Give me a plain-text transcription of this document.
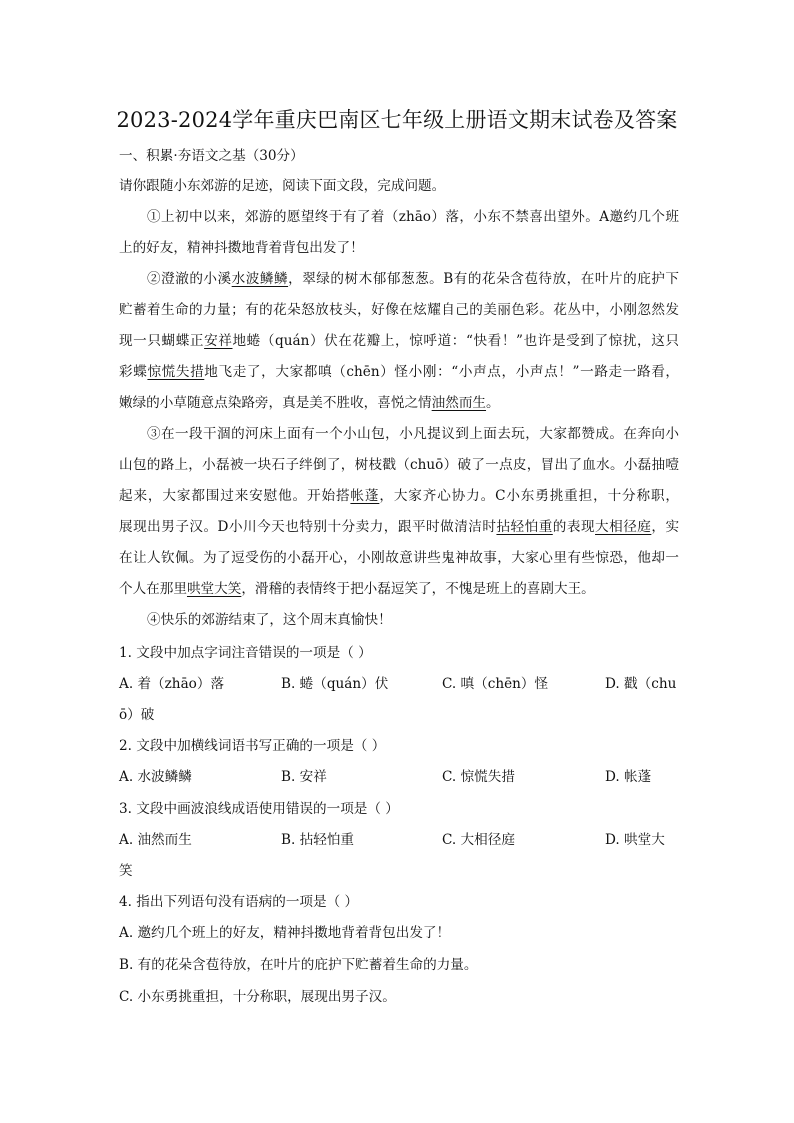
2023-2024学年重庆巴南区七年级上册语文期末试卷及答案
一、积累·夯语文之基（30分）
请你跟随小东郊游的足迹，阅读下面文段，完成问题。
①上初中以来，郊游的愿望终于有了着（zhāo）落，小东不禁喜出望外。A邀约几个班
上的好友，精神抖擞地背着背包出发了！
②澄澈的小溪水波鳞鳞，翠绿的树木郁郁葱葱。B有的花朵含苞待放，在叶片的庇护下
贮蓄着生命的力量；有的花朵怒放枝头，好像在炫耀自己的美丽色彩。花丛中，小刚忽然发
现一只蝴蝶正安祥地蜷（quán）伏在花瓣上，惊呼道：“快看！”也许是受到了惊扰，这只
彩蝶惊慌失措地飞走了，大家都嗔（chēn）怪小刚：“小声点，小声点！”一路走一路看，
嫩绿的小草随意点染路旁，真是美不胜收，喜悦之情油然而生。
③在一段干涸的河床上面有一个小山包，小凡提议到上面去玩，大家都赞成。在奔向小
山包的路上，小磊被一块石子绊倒了，树枝戳（chuō）破了一点皮，冒出了血水。小磊抽噎
起来，大家都围过来安慰他。开始搭帐蓬，大家齐心协力。C小东勇挑重担，十分称职，
展现出男子汉。D小川今天也特别十分卖力，跟平时做清洁时拈轻怕重的表现大相径庭，实
在让人钦佩。为了逗受伤的小磊开心，小刚故意讲些鬼神故事，大家心里有些惊恐，他却一
个人在那里哄堂大笑，滑稽的表情终于把小磊逗笑了，不愧是班上的喜剧大王。
④快乐的郊游结束了，这个周末真愉快！
1. 文段中加点字词注音错误的一项是（ ）
A. 着（zhāo）落	B. 蜷（quán）伏	C. 嗔（chēn）怪	D. 戳（chu
ō）破
2. 文段中加横线词语书写正确的一项是（ ）
A. 水波鳞鳞	B. 安祥	C. 惊慌失措	D. 帐蓬
3. 文段中画波浪线成语使用错误的一项是（ ）
A. 油然而生	B. 拈轻怕重	C. 大相径庭	D. 哄堂大
笑
4. 指出下列语句没有语病的一项是（ ）
A. 邀约几个班上的好友，精神抖擞地背着背包出发了！
B. 有的花朵含苞待放，在叶片的庇护下贮蓄着生命的力量。
C. 小东勇挑重担，十分称职，展现出男子汉。
